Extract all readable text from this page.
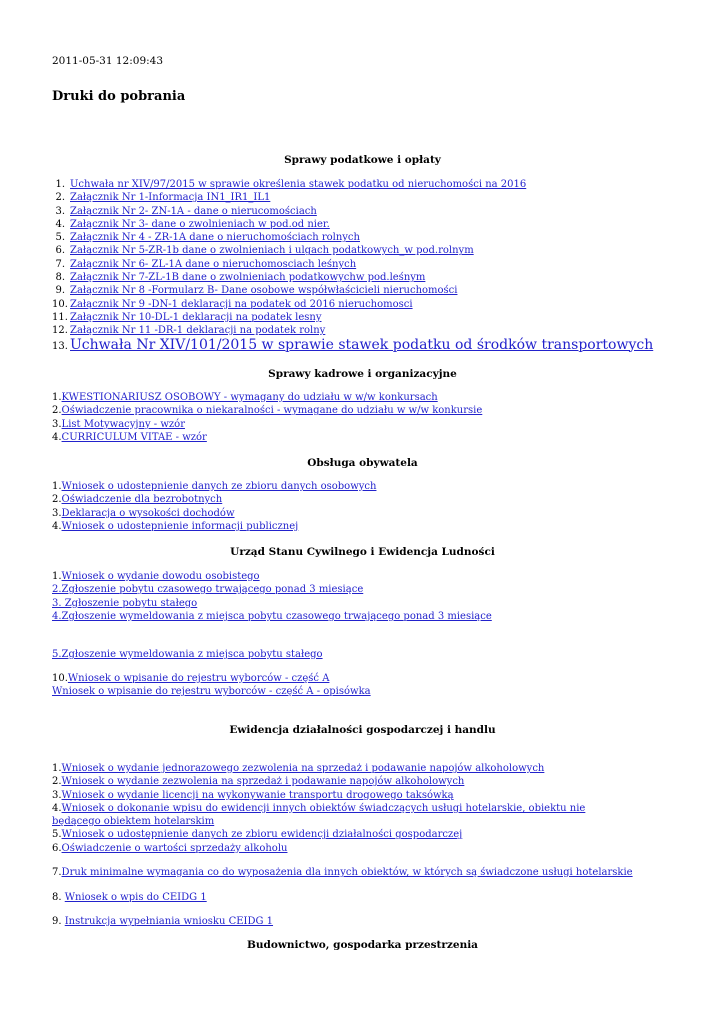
2011-05-31 12:09:43
Druki do pobrania
Sprawy podatkowe i opłaty
1. Uchwała nr XIV/97/2015 w sprawie określenia stawek podatku od nieruchomości na 2016
2. Załącznik Nr 1-Informacja IN1_IR1_IL1
3. Załącznik Nr 2- ZN-1A - dane o nierucomościach
4. Załącznik Nr 3- dane o zwolnieniach w pod.od nier.
5. Załącznik Nr 4 - ZR-1A dane o nieruchomościach rolnych
6. Załącznik Nr 5-ZR-1b dane o zwolnieniach i ulgach podatkowych_w pod.rolnym
7. Załącznik Nr 6- ZL-1A dane o nieruchomosciach leśnych
8. Załącznik Nr 7-ZL-1B dane o zwolnieniach podatkowychw pod.leśnym
9. Załącznik Nr 8 -Formularz B- Dane osobowe współwłaścicieli nieruchomości
10. Załącznik Nr 9 -DN-1 deklaracji na podatek od 2016 nieruchomosci
11. Załącznik Nr 10-DL-1 deklaracji na podatek lesny
12. Załącznik Nr 11 -DR-1 deklaracji na podatek rolny
13. Uchwała Nr XIV/101/2015 w sprawie stawek podatku od środków transportowych
Sprawy kadrowe i organizacyjne
1.KWESTIONARIUSZ OSOBOWY - wymagany do udziału w w/w konkursach
2.Oświadczenie pracownika o niekaralności - wymagane do udziału w w/w konkursie
3.List Motywacyjny - wzór
4.CURRICULUM VITAE - wzór
Obsługa obywatela
1.Wniosek o udostepnienie danych ze zbioru danych osobowych
2.Oświadczenie dla bezrobotnych
3.Deklaracja o wysokości dochodów
4.Wniosek o udostepnienie informacji publicznej
Urząd Stanu Cywilnego i Ewidencja Ludności
1.Wniosek o wydanie dowodu osobistego
2.Zgłoszenie pobytu czasowego trwającego ponad 3 miesiące
3. Zgłoszenie pobytu stałego
4.Zgłoszenie wymeldowania z miejsca pobytu czasowego trwającego ponad 3 miesiące
5.Zgłoszenie wymeldowania z miejsca pobytu stałego
10.Wniosek o wpisanie do rejestru wyborców - część A
Wniosek o wpisanie do rejestru wyborców - część A - opisówka
Ewidencja działalności gospodarczej i handlu
1.Wniosek o wydanie jednorazowego zezwolenia na sprzedaż i podawanie napojów alkoholowych
2.Wniosek o wydanie zezwolenia na sprzedaż i podawanie napojów alkoholowych
3.Wniosek o wydanie licencji na wykonywanie transportu drogowego taksówką
4.Wniosek o dokonanie wpisu do ewidencji innych obiektów świadczących usługi hotelarskie, obiektu nie będącego obiektem hotelarskim
5.Wniosek o udostępnienie danych ze zbioru ewidencji działalności gospodarczej
6.Oświadczenie o wartości sprzedaży alkoholu
7.Druk minimalne wymagania co do wyposażenia dla innych obiektów, w których są świadczone usługi hotelarskie
8. Wniosek o wpis do CEIDG 1
9. Instrukcja wypełniania wniosku CEIDG 1
Budownictwo, gospodarka przestrzenia
